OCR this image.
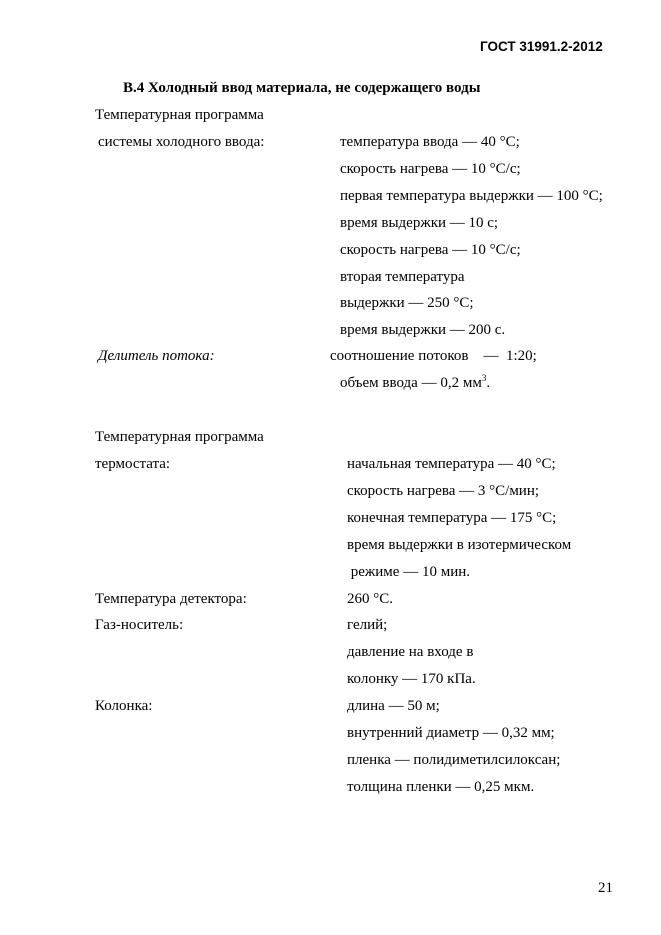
ГОСТ 31991.2-2012
B.4 Холодный ввод материала, не содержащего воды
Температурная программа
системы холодного ввода:	температура ввода — 40 °С;
скорость нагрева — 10 °С/с;
первая температура выдержки — 100 °С;
время выдержки — 10 с;
скорость нагрева — 10 °С/с;
вторая температура
выдержки — 250 °С;
время выдержки — 200 с.
Делитель потока:	соотношение потоков    —  1:20;
объем ввода — 0,2 $мм^3$.
Температурная программа
термостата:	начальная температура — 40 °С;
скорость нагрева — 3 °С/мин;
конечная температура — 175 °С;
время выдержки в изотермическом
режиме — 10 мин.
Температура детектора:	260 °С.
Газ-носитель:	гелий;
давление на входе в
колонку — 170 кПа.
Колонка:	длина — 50 м;
внутренний диаметр — 0,32 мм;
пленка — полидиметилсилоксан;
толщина пленки — 0,25 мкм.
21
